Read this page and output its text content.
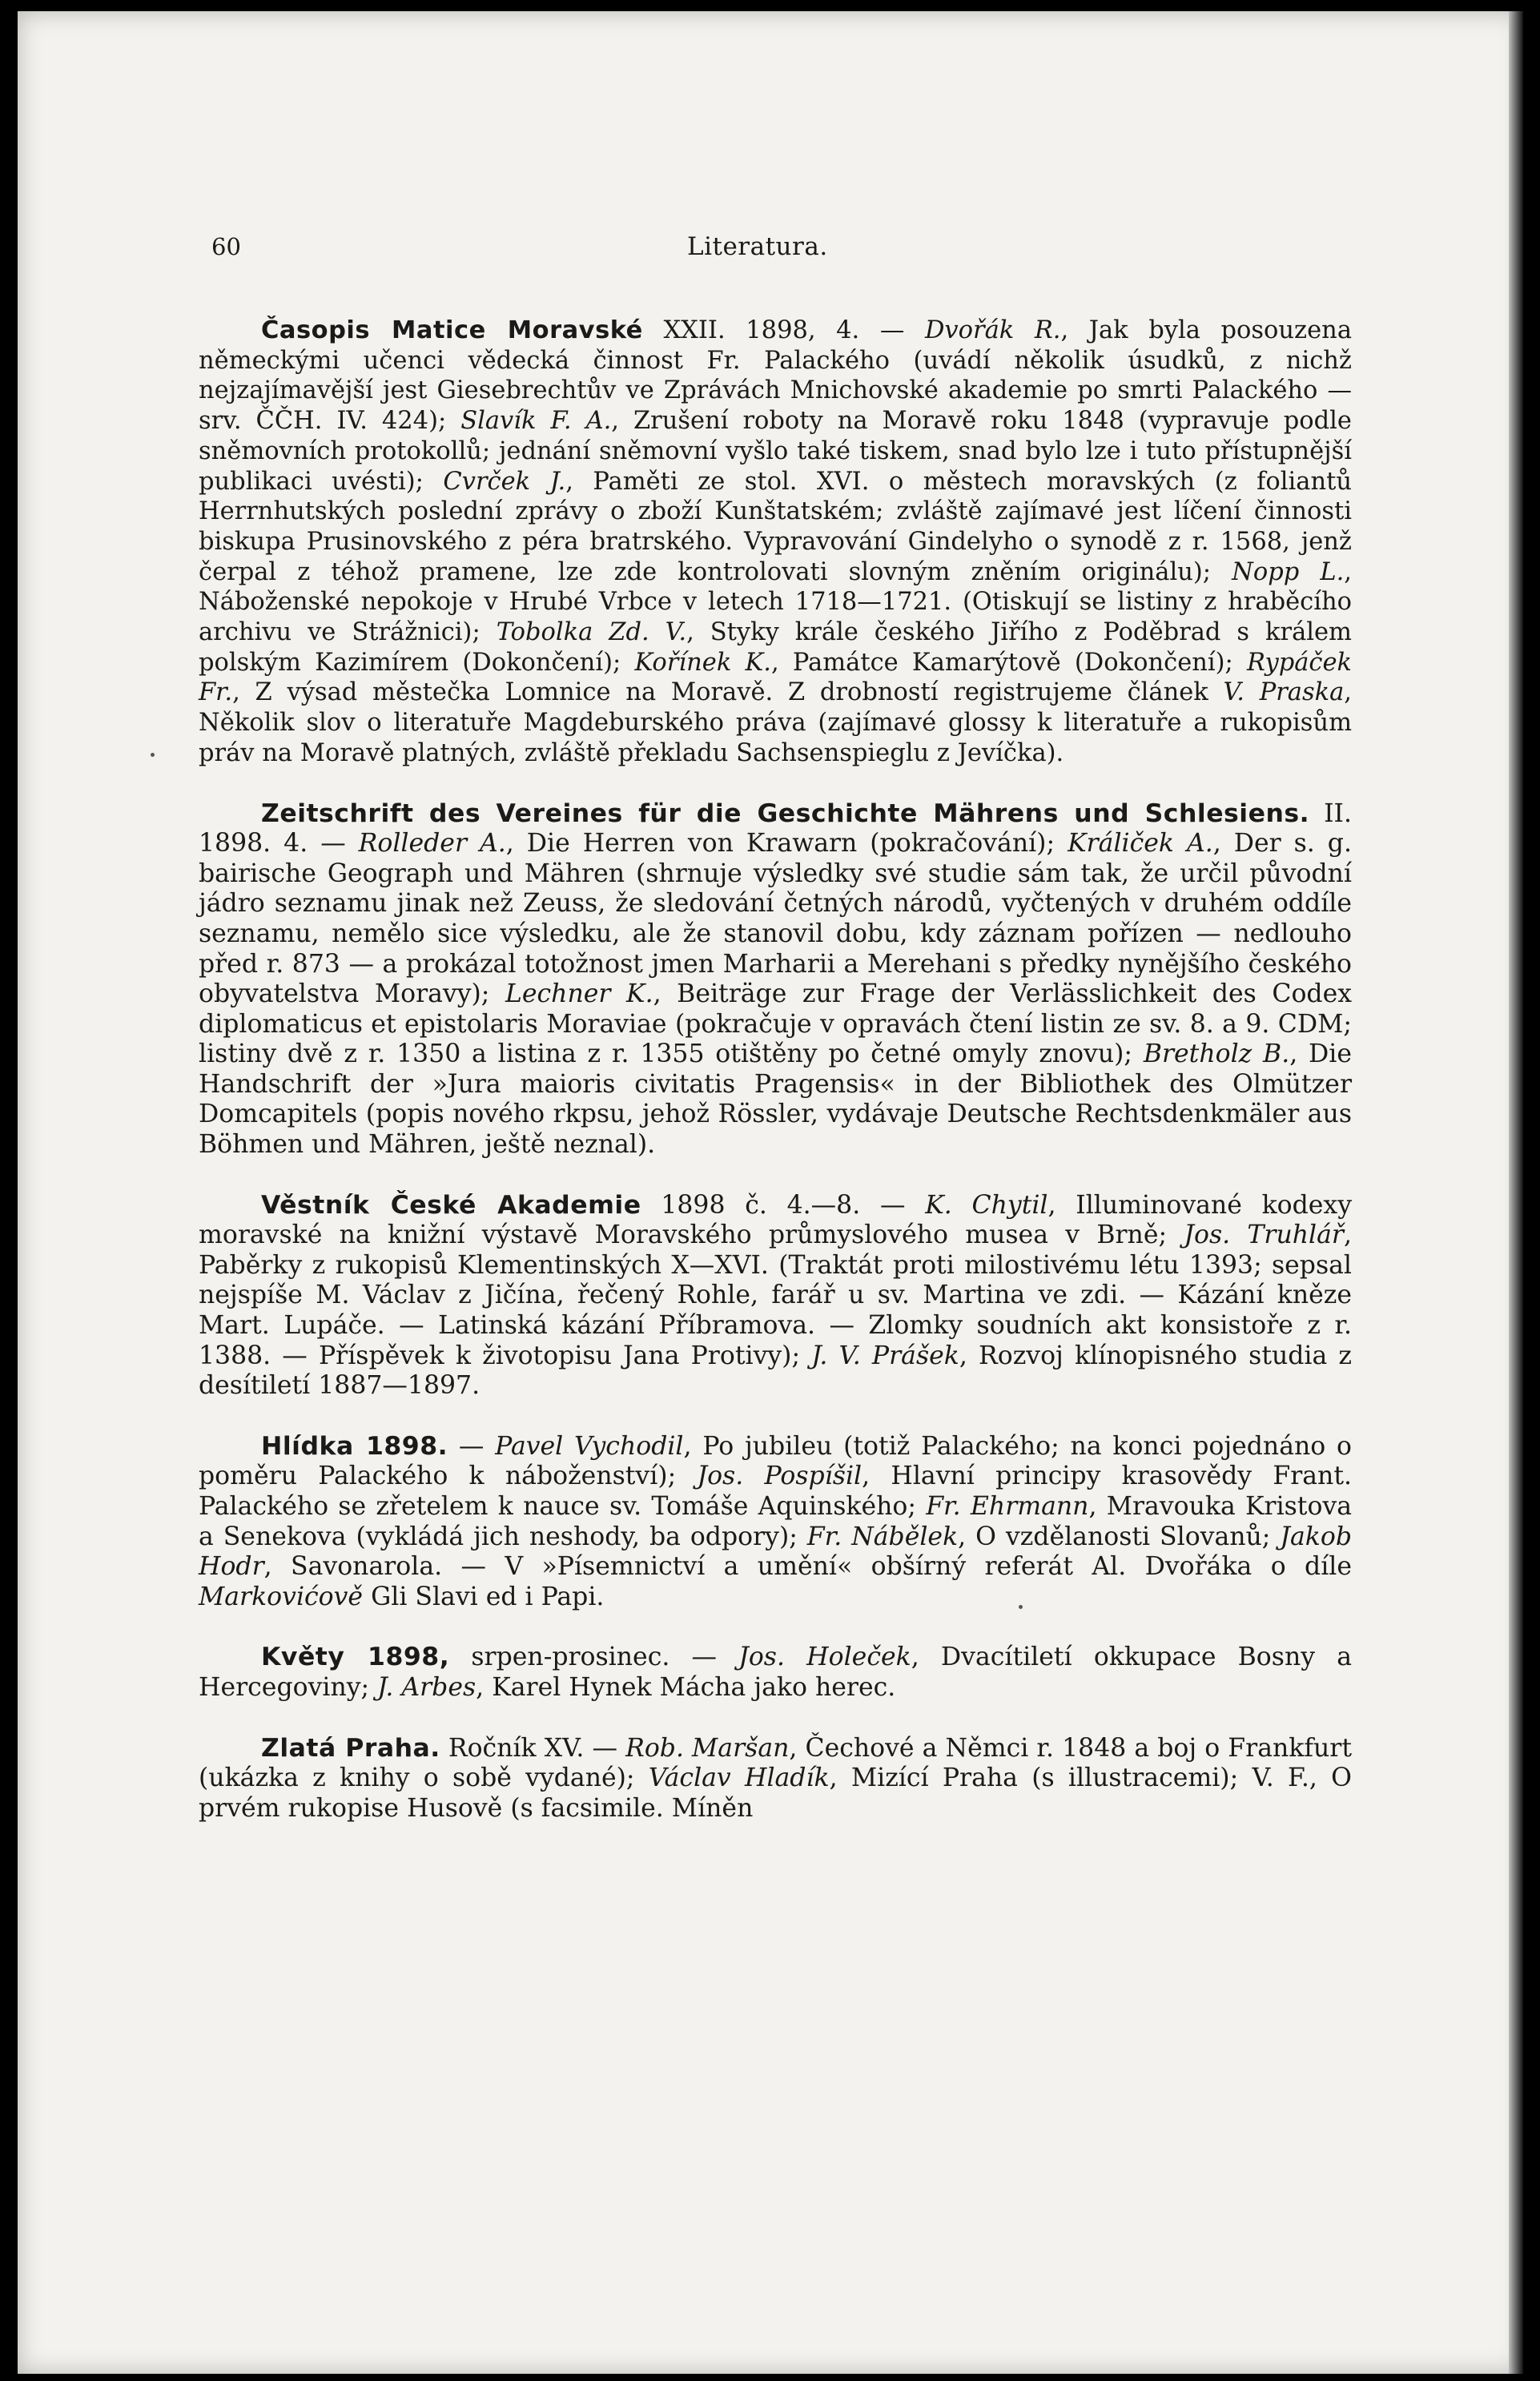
60	Literatura.

Časopis Matice Moravské XXII. 1898, 4. — Dvořák R., Jak byla posouzena německými učenci vědecká činnost Fr. Palackého (uvádí několik úsudků, z nichž nejzajímavější jest Giesebrechtův ve Zprávách Mnichovské akademie po smrti Palackého — srv. ČČH. IV. 424); Slavík F. A., Zrušení roboty na Moravě roku 1848 (vypravuje podle sněmovních protokollů; jednání sněmovní vyšlo také tiskem, snad bylo lze i tuto přístupnější publikaci uvésti); Cvrček J., Paměti ze stol. XVI. o městech moravských (z foliantů Herrnhutských poslední zprávy o zboží Kunštatském; zvláště zajímavé jest líčení činnosti biskupa Prusinovského z péra bratrského. Vypravování Gindelyho o synodě z r. 1568, jenž čerpal z téhož pramene, lze zde kontrolovati slovným zněním originálu); Nopp L., Náboženské nepokoje v Hrubé Vrbce v letech 1718—1721. (Otiskují se listiny z hraběcího archivu ve Strážnici); Tobolka Zd. V., Styky krále českého Jiřího z Poděbrad s králem polským Kazimírem (Dokončení); Kořínek K., Památce Kamarýtově (Dokončení); Rypáček Fr., Z výsad městečka Lomnice na Moravě. Z drobností registrujeme článek V. Praska, Několik slov o literatuře Magdeburského práva (zajímavé glossy k literatuře a rukopisům práv na Moravě platných, zvláště překladu Sachsenspieglu z Jevíčka).

Zeitschrift des Vereines für die Geschichte Mährens und Schlesiens. II. 1898. 4. — Rolleder A., Die Herren von Krawarn (pokračování); Králiček A., Der s. g. bairische Geograph und Mähren (shrnuje výsledky své studie sám tak, že určil původní jádro seznamu jinak než Zeuss, že sledování četných národů, vyčtených v druhém oddíle seznamu, nemělo sice výsledku, ale že stanovil dobu, kdy záznam pořízen — nedlouho před r. 873 — a prokázal totožnost jmen Marharii a Merehani s předky nynějšího českého obyvatelstva Moravy); Lechner K., Beiträge zur Frage der Verlässlichkeit des Codex diplomaticus et epistolaris Moraviae (pokračuje v opravách čtení listin ze sv. 8. a 9. CDM; listiny dvě z r. 1350 a listina z r. 1355 otištěny po četné omyly znovu); Bretholz B., Die Handschrift der »Jura maioris civitatis Pragensis« in der Bibliothek des Olmützer Domcapitels (popis nového rkpsu, jehož Rössler, vydávaje Deutsche Rechtsdenkmäler aus Böhmen und Mähren, ještě neznal).

Věstník České Akademie 1898 č. 4.—8. — K. Chytil, Illuminované kodexy moravské na knižní výstavě Moravského průmyslového musea v Brně; Jos. Truhlář, Paběrky z rukopisů Klementinských X—XVI. (Traktát proti milostivému létu 1393; sepsal nejspíše M. Václav z Jičína, řečený Rohle, farář u sv. Martina ve zdi. — Kázání kněze Mart. Lupáče. — Latinská kázání Příbramova. — Zlomky soudních akt konsistoře z r. 1388. — Příspěvek k životopisu Jana Protivy); J. V. Prášek, Rozvoj klínopisného studia z desítiletí 1887—1897.

Hlídka 1898. — Pavel Vychodil, Po jubileu (totiž Palackého; na konci pojednáno o poměru Palackého k náboženství); Jos. Pospíšil, Hlavní principy krasovědy Frant. Palackého se zřetelem k nauce sv. Tomáše Aquinského; Fr. Ehrmann, Mravouka Kristova a Senekova (vykládá jich neshody, ba odpory); Fr. Nábělek, O vzdělanosti Slovanů; Jakob Hodr, Savonarola. — V »Písemnictví a umění« obšírný referát Al. Dvořáka o díle Markovićově Gli Slavi ed i Papi.

Květy 1898, srpen-prosinec. — Jos. Holeček, Dvacítiletí okkupace Bosny a Hercegoviny; J. Arbes, Karel Hynek Mácha jako herec.

Zlatá Praha. Ročník XV. — Rob. Maršan, Čechové a Němci r. 1848 a boj o Frankfurt (ukázka z knihy o sobě vydané); Václav Hladík, Mizící Praha (s illustracemi); V. F., O prvém rukopise Husově (s facsimile. Míněn
